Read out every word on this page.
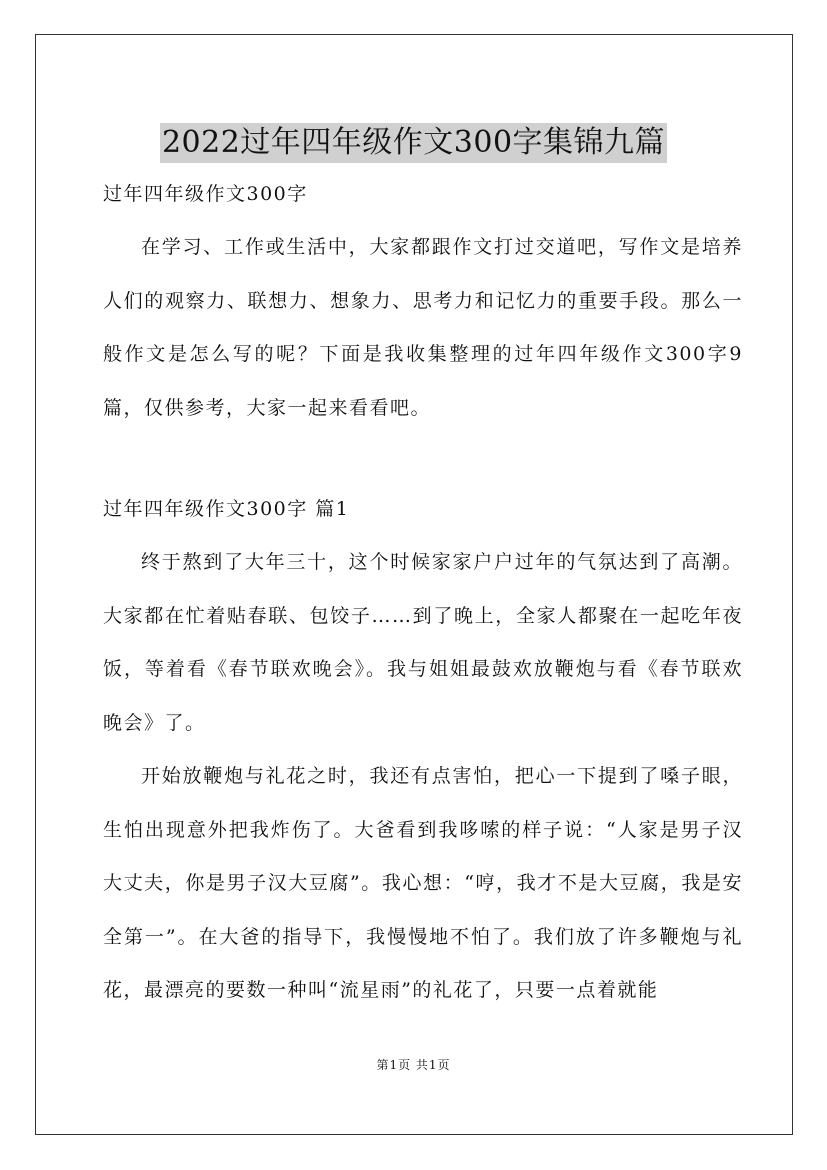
2022过年四年级作文300字集锦九篇

过年四年级作文300字

在学习、工作或生活中，大家都跟作文打过交道吧，写作文是培养人们的观察力、联想力、想象力、思考力和记忆力的重要手段。那么一般作文是怎么写的呢？下面是我收集整理的过年四年级作文300字9篇，仅供参考，大家一起来看看吧。

过年四年级作文300字 篇1

终于熬到了大年三十，这个时候家家户户过年的气氛达到了高潮。大家都在忙着贴春联、包饺子……到了晚上，全家人都聚在一起吃年夜饭，等着看《春节联欢晚会》。我与姐姐最鼓欢放鞭炮与看《春节联欢晚会》了。

开始放鞭炮与礼花之时，我还有点害怕，把心一下提到了嗓子眼，生怕出现意外把我炸伤了。大爸看到我哆嗦的样子说：“人家是男子汉大丈夫，你是男子汉大豆腐”。我心想：“哼，我才不是大豆腐，我是安全第一”。在大爸的指导下，我慢慢地不怕了。我们放了许多鞭炮与礼花，最漂亮的要数一种叫“流星雨”的礼花了，只要一点着就能

第1页 共1页
